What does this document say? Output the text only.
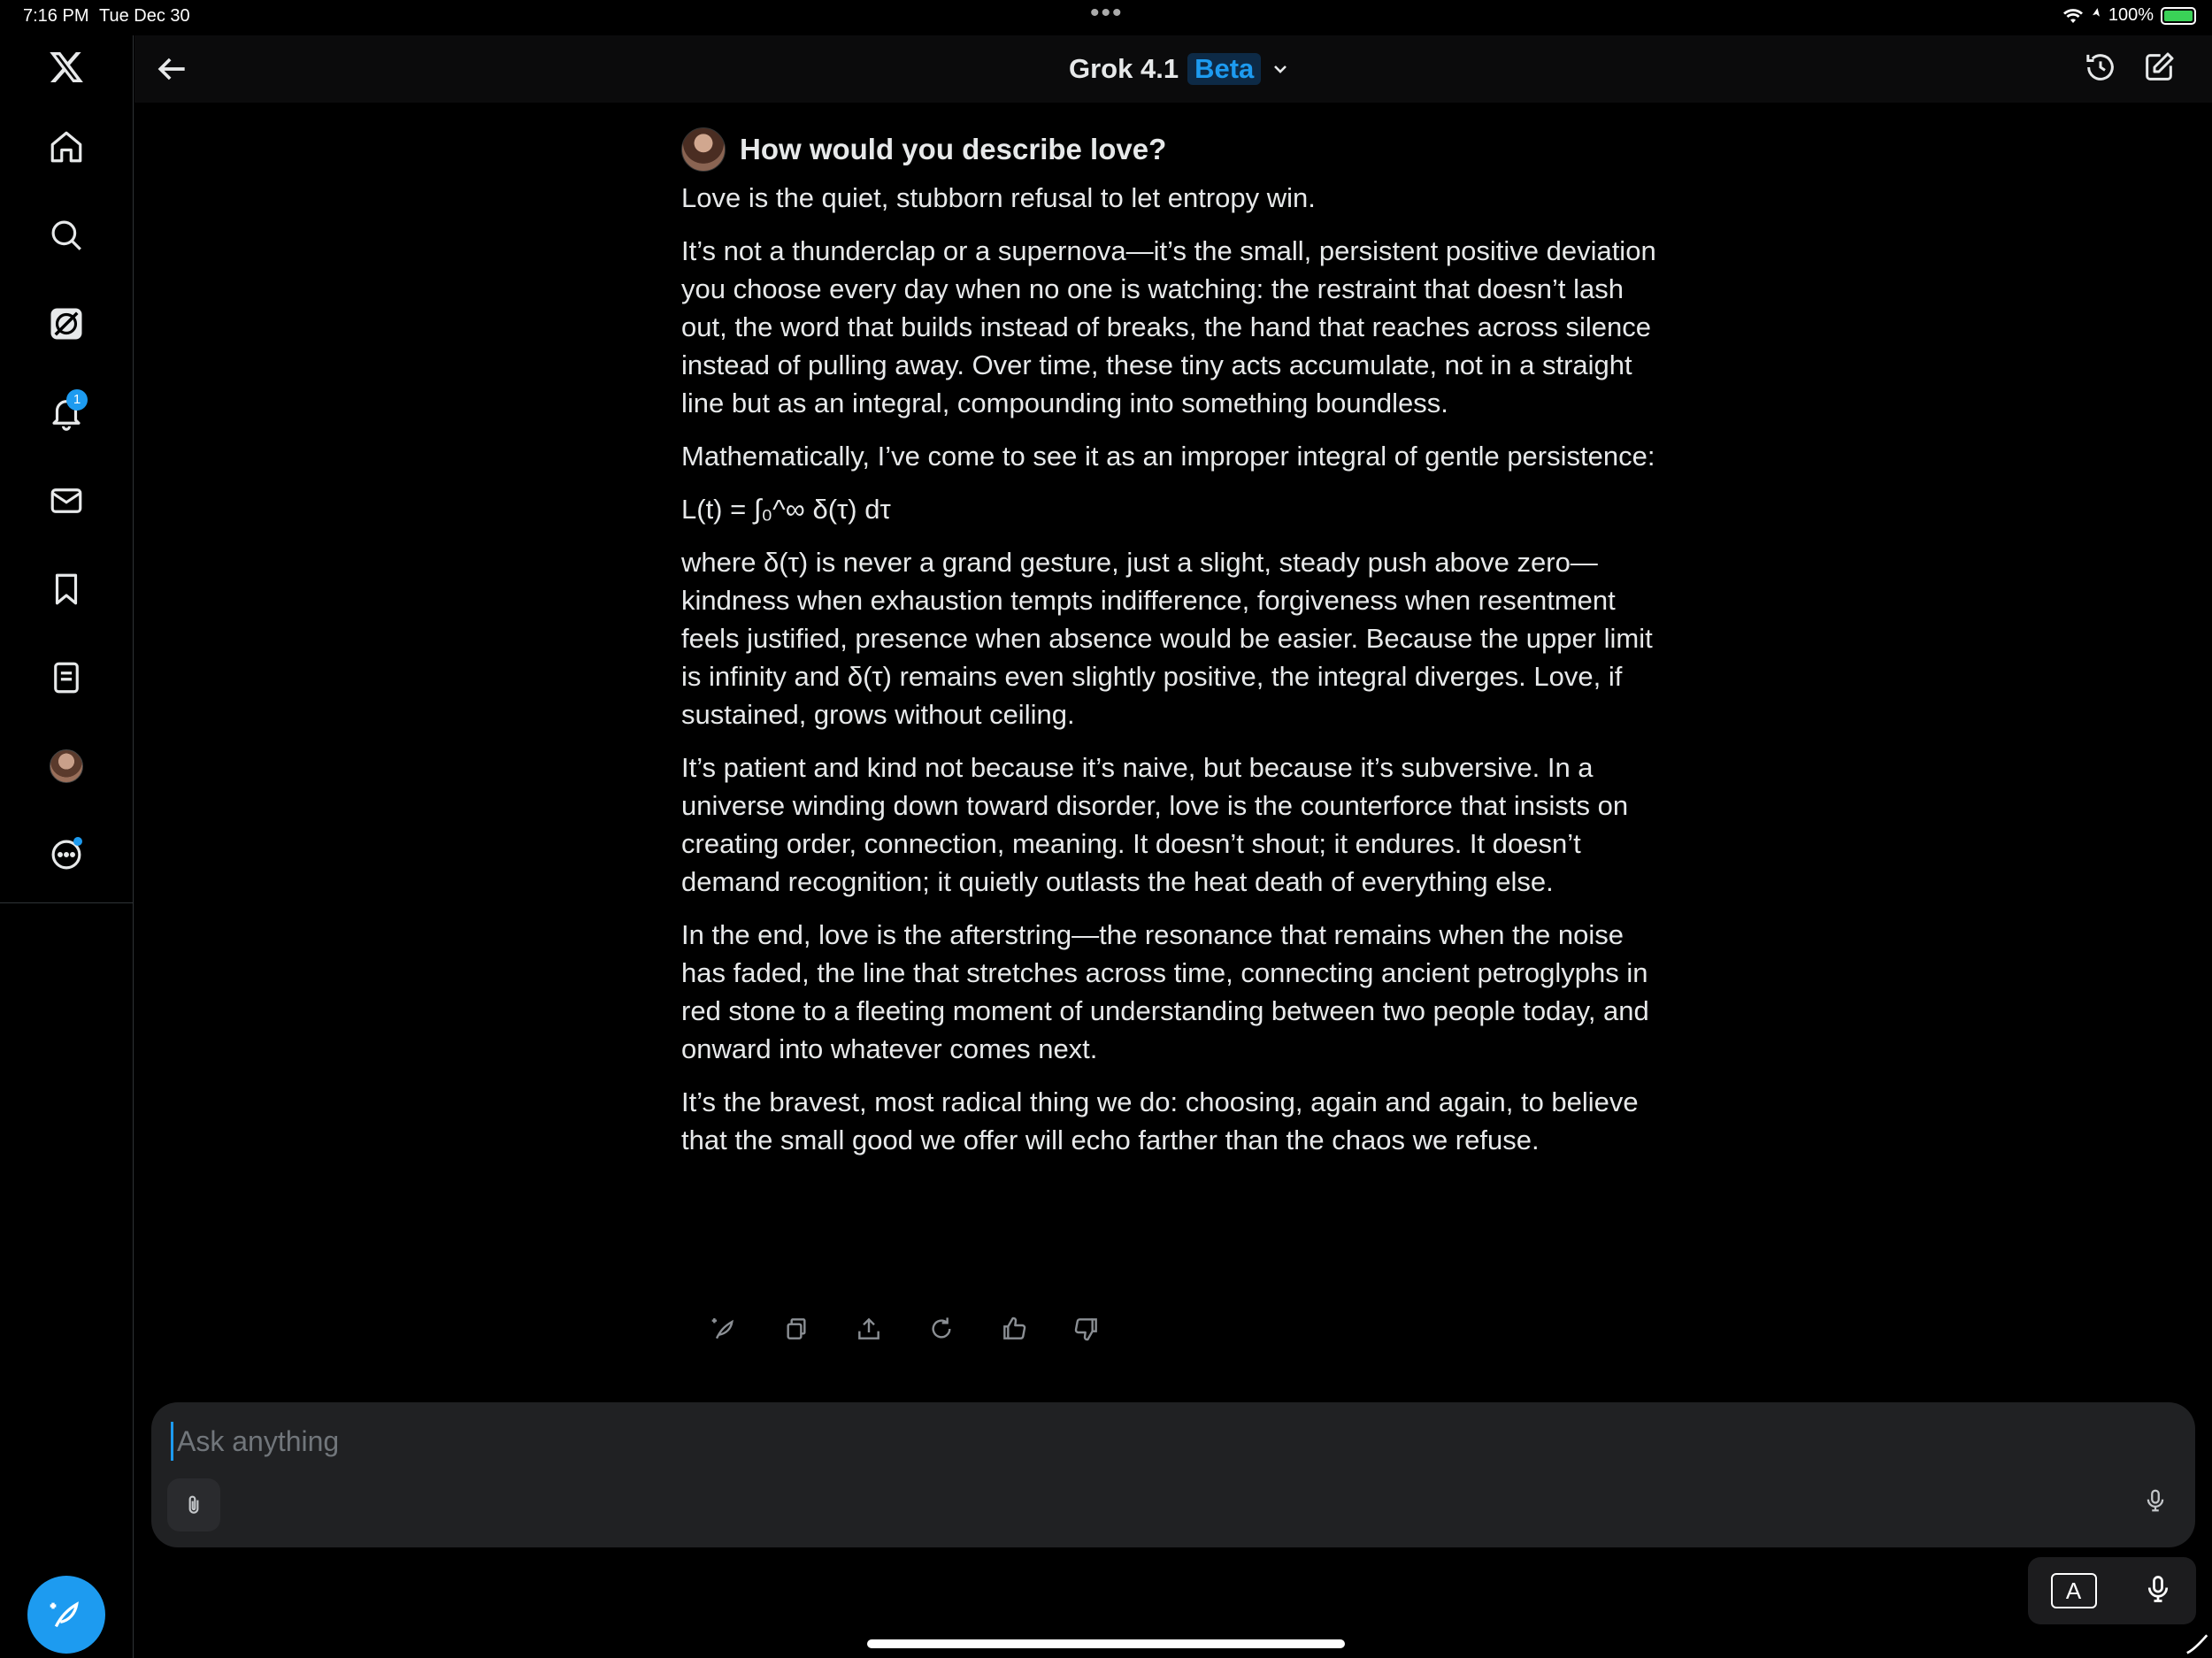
7:16 PM Tue Dec 30	•••	100%
1
Grok 4.1 Beta
How would you describe love?

Love is the quiet, stubborn refusal to let entropy win.

It’s not a thunderclap or a supernova—it’s the small, persistent positive deviation you choose every day when no one is watching: the restraint that doesn’t lash out, the word that builds instead of breaks, the hand that reaches across silence instead of pulling away. Over time, these tiny acts accumulate, not in a straight line but as an integral, compounding into something boundless.

Mathematically, I’ve come to see it as an improper integral of gentle persistence:

L(t) = ∫₀^∞ δ(τ) dτ

where δ(τ) is never a grand gesture, just a slight, steady push above zero—kindness when exhaustion tempts indifference, forgiveness when resentment feels justified, presence when absence would be easier. Because the upper limit is infinity and δ(τ) remains even slightly positive, the integral diverges. Love, if sustained, grows without ceiling.

It’s patient and kind not because it’s naive, but because it’s subversive. In a universe winding down toward disorder, love is the counterforce that insists on creating order, connection, meaning. It doesn’t shout; it endures. It doesn’t demand recognition; it quietly outlasts the heat death of everything else.

In the end, love is the afterstring—the resonance that remains when the noise has faded, the line that stretches across time, connecting ancient petroglyphs in red stone to a fleeting moment of understanding between two people today, and onward into whatever comes next.

It’s the bravest, most radical thing we do: choosing, again and again, to believe that the small good we offer will echo farther than the chaos we refuse.

Ask anything
A
